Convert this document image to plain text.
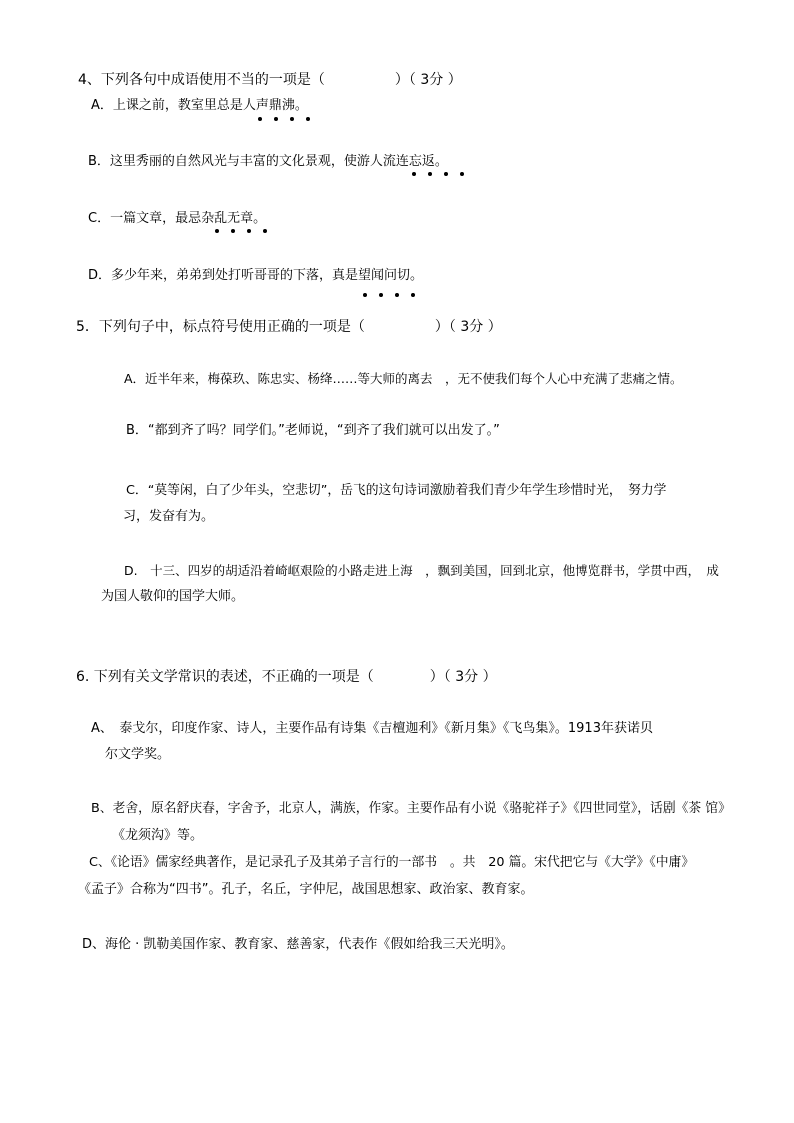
4、下列各句中成语使用不当的一项是（　　　　　）（ 3分 ）
A．上课之前，教室里总是人声鼎沸。
B．这里秀丽的自然风光与丰富的文化景观，使游人流连忘返。
C．一篇文章，最忌杂乱无章。
D．多少年来，弟弟到处打听哥哥的下落，真是望闻问切。
5．下列句子中，标点符号使用正确的一项是（　　　　　）（ 3分 ）
A．近半年来，梅葆玖、陈忠实、杨绛……等大师的离去　，无不使我们每个人心中充满了悲痛之情。
B．“都到齐了吗？同学们。”老师说，“到齐了我们就可以出发了。”
C．“莫等闲，白了少年头，空悲切”，岳飞的这句诗词激励着我们青少年学生珍惜时光，　努力学
习，发奋有为。
D.　十三、四岁的胡适沿着崎岖艰险的小路走进上海　，飘到美国，回到北京，他博览群书，学贯中西，　成
为国人敬仰的国学大师。
6. 下列有关文学常识的表述，不正确的一项是（　　　　）（ 3分 ）
A、　泰戈尔，印度作家、诗人，主要作品有诗集《吉檀迦利》《新月集》《飞鸟集》。1913年获诺贝
尔文学奖。
B、老舍，原名舒庆春，字舍予，北京人，满族，作家。主要作品有小说《骆驼祥子》《四世同堂》，话剧《茶 馆》
《龙须沟》等。
C、《论语》儒家经典著作，是记录孔子及其弟子言行的一部书　。共　20 篇。宋代把它与《大学》《中庸》
《孟子》合称为“四书”。孔子，名丘，字仲尼，战国思想家、政治家、教育家。
D、海伦 · 凯勒美国作家、教育家、慈善家，代表作《假如给我三天光明》。
